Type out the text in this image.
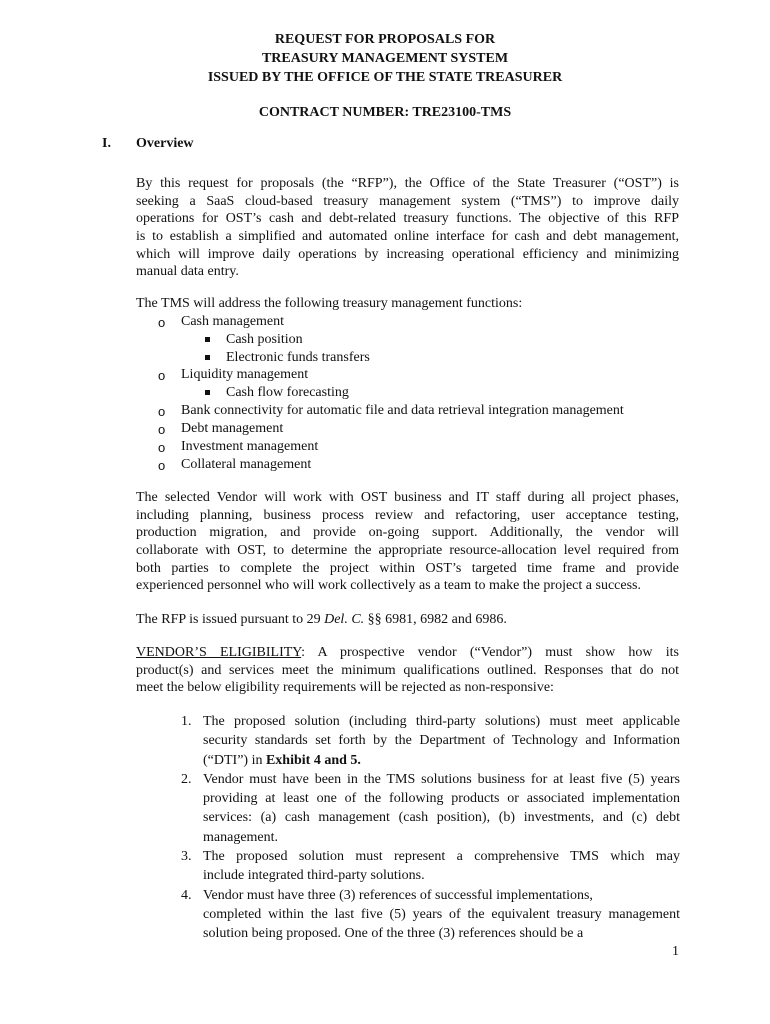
REQUEST FOR PROPOSALS FOR
TREASURY MANAGEMENT SYSTEM
ISSUED BY THE OFFICE OF THE STATE TREASURER
CONTRACT NUMBER: TRE23100-TMS
I. Overview
By this request for proposals (the “RFP”), the Office of the State Treasurer (“OST”) is
seeking a SaaS cloud-based treasury management system (“TMS”) to improve daily
operations for OST’s cash and debt-related treasury functions. The objective of this RFP
is to establish a simplified and automated online interface for cash and debt management,
which will improve daily operations by increasing operational efficiency and minimizing
manual data entry.
The TMS will address the following treasury management functions:
o Cash management
Cash position
Electronic funds transfers
o Liquidity management
Cash flow forecasting
o Bank connectivity for automatic file and data retrieval integration management
o Debt management
o Investment management
o Collateral management
The selected Vendor will work with OST business and IT staff during all project phases,
including planning, business process review and refactoring, user acceptance testing,
production migration, and provide on-going support. Additionally, the vendor will
collaborate with OST, to determine the appropriate resource-allocation level required from
both parties to complete the project within OST’s targeted time frame and provide
experienced personnel who will work collectively as a team to make the project a success.
The RFP is issued pursuant to 29 Del. C. §§ 6981, 6982 and 6986.
VENDOR’S ELIGIBILITY: A prospective vendor (“Vendor”) must show how its
product(s) and services meet the minimum qualifications outlined. Responses that do not
meet the below eligibility requirements will be rejected as non-responsive:
1. The proposed solution (including third-party solutions) must meet applicable
security standards set forth by the Department of Technology and Information
(“DTI”) in Exhibit 4 and 5.
2. Vendor must have been in the TMS solutions business for at least five (5) years
providing at least one of the following products or associated implementation
services: (a) cash management (cash position), (b) investments, and (c) debt
management.
3. The proposed solution must represent a comprehensive TMS which may
include integrated third-party solutions.
4. Vendor must have three (3) references of successful implementations,
completed within the last five (5) years of the equivalent treasury management
solution being proposed. One of the three (3) references should be a
1
